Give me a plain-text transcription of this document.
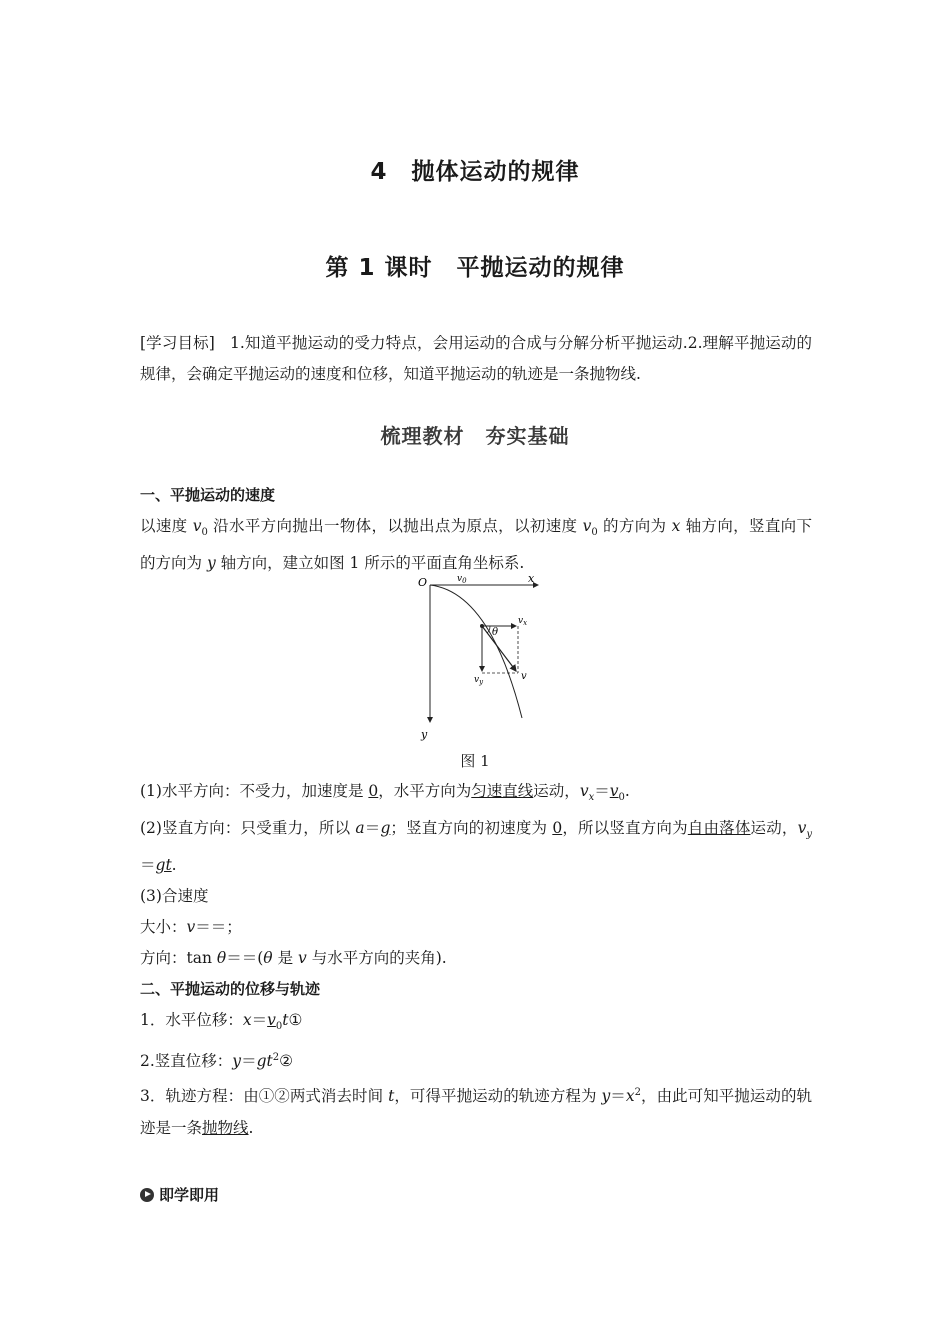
4　抛体运动的规律
第 1 课时　平抛运动的规律
[学习目标] 1.知道平抛运动的受力特点，会用运动的合成与分解分析平抛运动.2.理解平抛运动的规律，会确定平抛运动的速度和位移，知道平抛运动的轨迹是一条抛物线.
梳理教材　夯实基础
一、平抛运动的速度
以速度 $v_0$ 沿水平方向抛出一物体，以抛出点为原点，以初速度 $v_0$ 的方向为 x 轴方向，竖直向下的方向为 y 轴方向，建立如图 1 所示的平面直角坐标系.
O	$v_0$	x
y
$v_x$
$v_y$	v
θ
图 1
(1)水平方向：不受力，加速度是 0，水平方向为匀速直线运动，$v_x=v_0$.
(2)竖直方向：只受重力，所以 a＝g；竖直方向的初速度为 0，所以竖直方向为自由落体运动，$v_y=gt$.
(3)合速度
大小：v＝＝；
方向：tan θ＝＝(θ 是 v 与水平方向的夹角).
二、平抛运动的位移与轨迹
1．水平位移：$x=v_0t①$
2.竖直位移：$y=gt^2②$
3．轨迹方程：由①②两式消去时间 t，可得平抛运动的轨迹方程为 $y=x^2$，由此可知平抛运动的轨迹是一条抛物线.
即学即用
